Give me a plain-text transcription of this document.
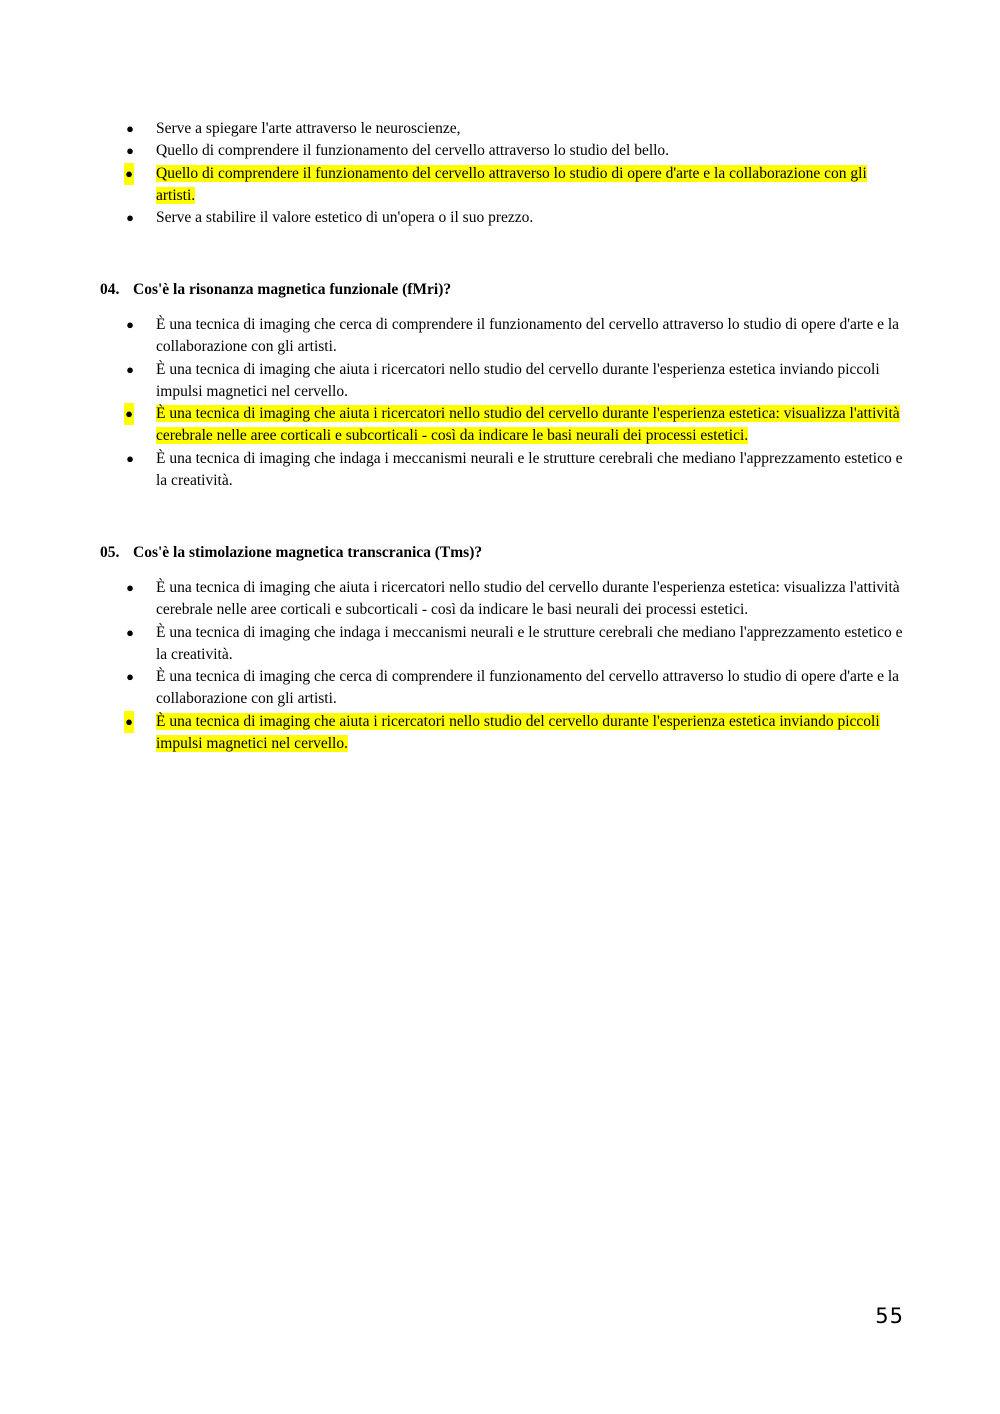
● Serve a spiegare l'arte attraverso le neuroscienze,
● Quello di comprendere il funzionamento del cervello attraverso lo studio del bello.
● Quello di comprendere il funzionamento del cervello attraverso lo studio di opere d'arte e la collaborazione con gli artisti.
● Serve a stabilire il valore estetico di un'opera o il suo prezzo.
04. Cos'è la risonanza magnetica funzionale (fMri)?
● È una tecnica di imaging che cerca di comprendere il funzionamento del cervello attraverso lo studio di opere d'arte e la collaborazione con gli artisti.
● È una tecnica di imaging che aiuta i ricercatori nello studio del cervello durante l'esperienza estetica inviando piccoli impulsi magnetici nel cervello.
● È una tecnica di imaging che aiuta i ricercatori nello studio del cervello durante l'esperienza estetica: visualizza l'attività cerebrale nelle aree corticali e subcorticali - così da indicare le basi neurali dei processi estetici.
● È una tecnica di imaging che indaga i meccanismi neurali e le strutture cerebrali che mediano l'apprezzamento estetico e la creatività.
05. Cos'è la stimolazione magnetica transcranica (Tms)?
● È una tecnica di imaging che aiuta i ricercatori nello studio del cervello durante l'esperienza estetica: visualizza l'attività cerebrale nelle aree corticali e subcorticali - così da indicare le basi neurali dei processi estetici.
● È una tecnica di imaging che indaga i meccanismi neurali e le strutture cerebrali che mediano l'apprezzamento estetico e la creatività.
● È una tecnica di imaging che cerca di comprendere il funzionamento del cervello attraverso lo studio di opere d'arte e la collaborazione con gli artisti.
● È una tecnica di imaging che aiuta i ricercatori nello studio del cervello durante l'esperienza estetica inviando piccoli impulsi magnetici nel cervello.
55
